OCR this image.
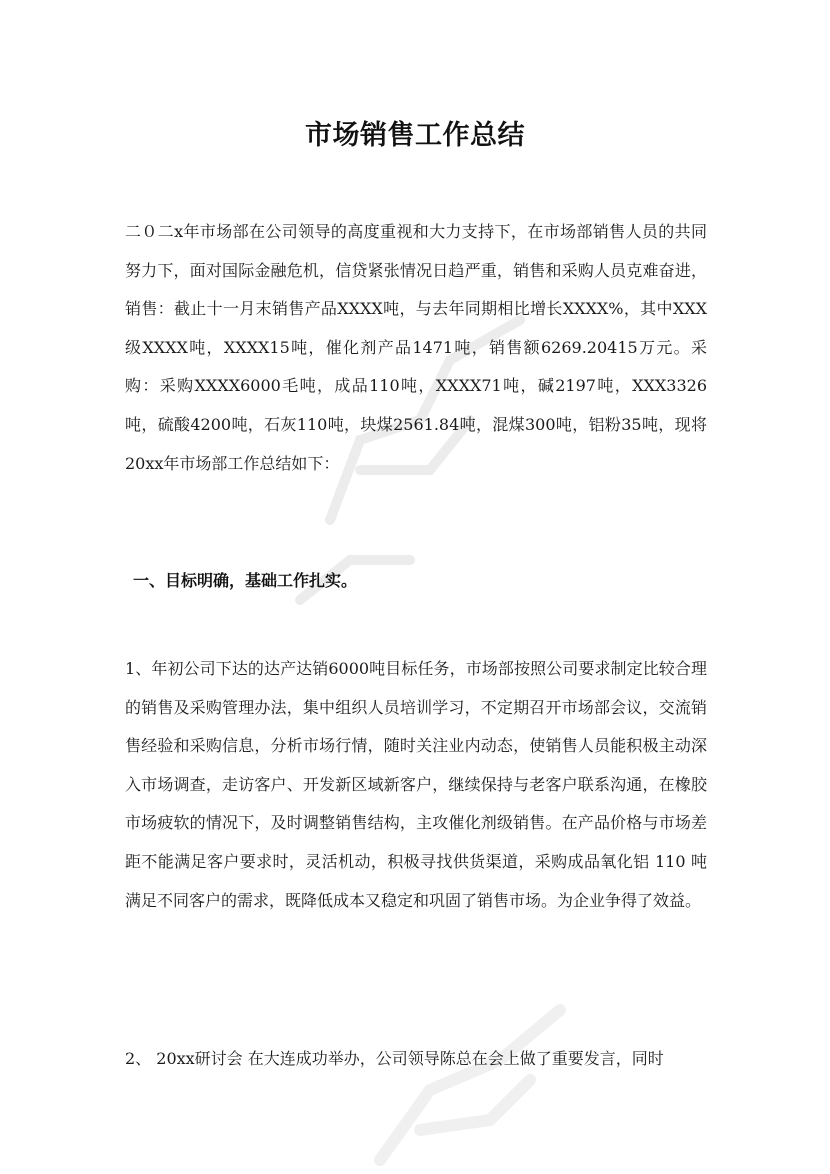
市场销售工作总结

二０二x年市场部在公司领导的高度重视和大力支持下，在市场部销售人员的共同努力下，面对国际金融危机，信贷紧张情况日趋严重，销售和采购人员克难奋进，销售：截止十一月末销售产品XXXX吨，与去年同期相比增长XXXX%，其中XXX级XXXX吨，XXXX15吨，催化剂产品1471吨，销售额6269.20415万元。采购：采购XXXX6000毛吨，成品110吨，XXXX71吨，碱2197吨，XXX3326吨，硫酸4200吨，石灰110吨，块煤2561.84吨，混煤300吨，铝粉35吨，现将20xx年市场部工作总结如下：

一、目标明确，基础工作扎实。

1、年初公司下达的达产达销6000吨目标任务，市场部按照公司要求制定比较合理的销售及采购管理办法，集中组织人员培训学习，不定期召开市场部会议，交流销售经验和采购信息，分析市场行情，随时关注业内动态，使销售人员能积极主动深入市场调查，走访客户、开发新区域新客户，继续保持与老客户联系沟通，在橡胶市场疲软的情况下，及时调整销售结构，主攻催化剂级销售。在产品价格与市场差距不能满足客户要求时，灵活机动，积极寻找供货渠道，采购成品氧化铝 110 吨满足不同客户的需求，既降低成本又稳定和巩固了销售市场。为企业争得了效益。

2、 20xx研讨会 在大连成功举办，公司领导陈总在会上做了重要发言，同时
